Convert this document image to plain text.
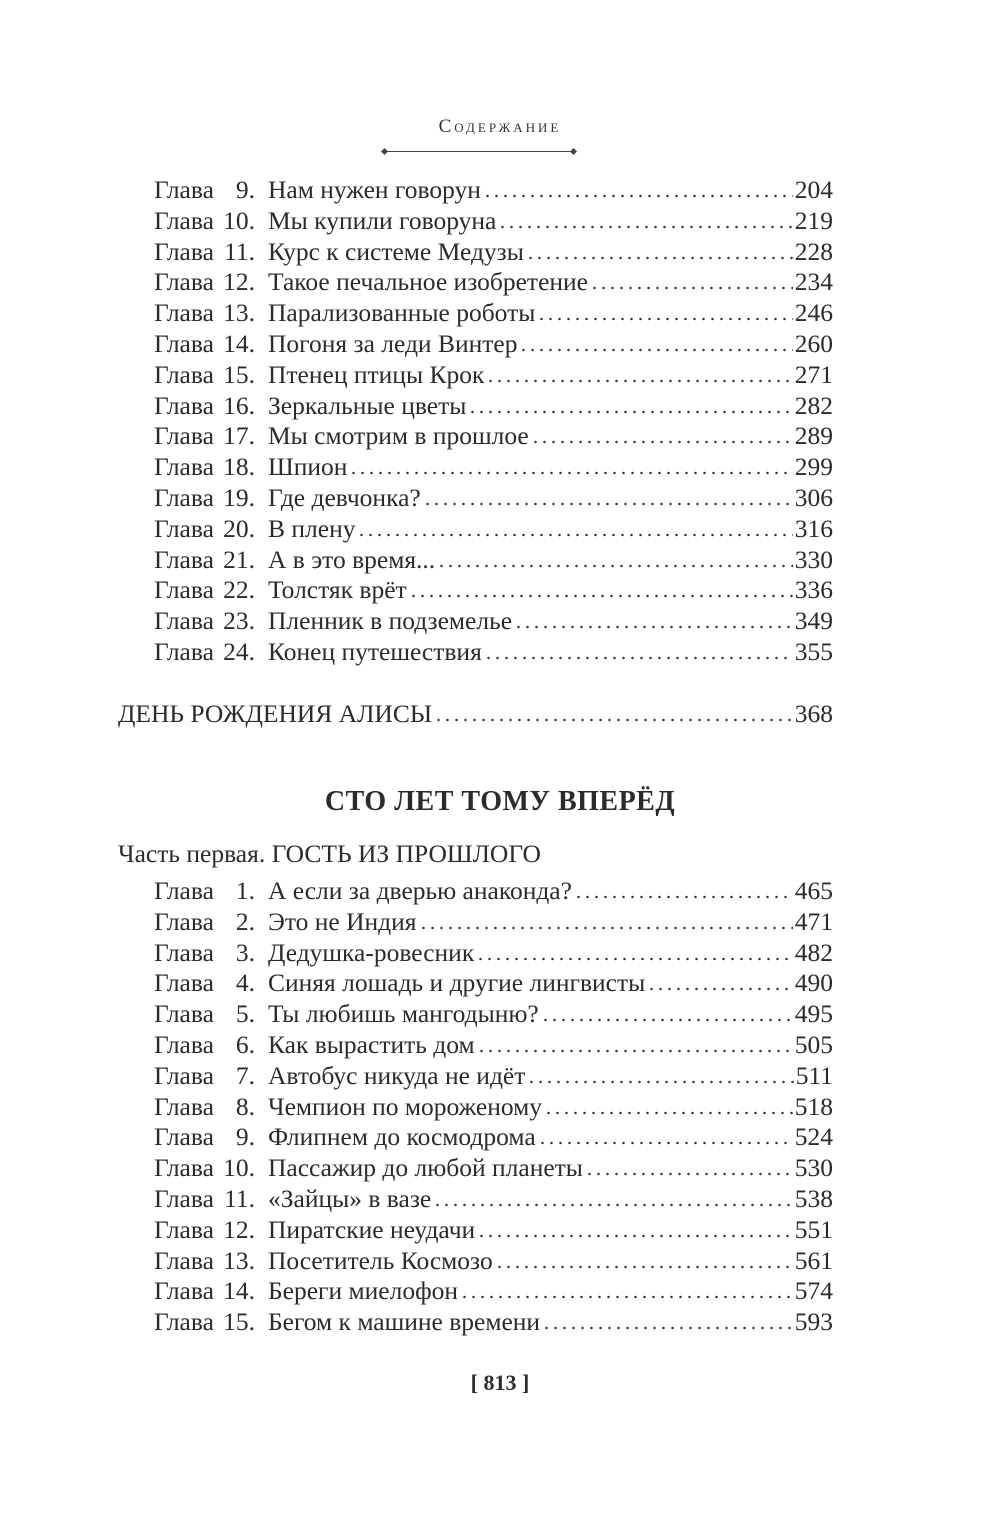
Содержание
Глава 9. Нам нужен говорун	204
Глава 10. Мы купили говоруна	219
Глава 11. Курс к системе Медузы	228
Глава 12. Такое печальное изобретение	234
Глава 13. Парализованные роботы	246
Глава 14. Погоня за леди Винтер	260
Глава 15. Птенец птицы Крок	271
Глава 16. Зеркальные цветы	282
Глава 17. Мы смотрим в прошлое	289
Глава 18. Шпион	299
Глава 19. Где девчонка?	306
Глава 20. В плену	316
Глава 21. А в это время...	330
Глава 22. Толстяк врёт	336
Глава 23. Пленник в подземелье	349
Глава 24. Конец путешествия	355
ДЕНЬ РОЖДЕНИЯ АЛИСЫ	368
СТО ЛЕТ ТОМУ ВПЕРЁД
Часть первая. ГОСТЬ ИЗ ПРОШЛОГО
Глава 1. А если за дверью анаконда?	465
Глава 2. Это не Индия	471
Глава 3. Дедушка-ровесник	482
Глава 4. Синяя лошадь и другие лингвисты	490
Глава 5. Ты любишь мангодыню?	495
Глава 6. Как вырастить дом	505
Глава 7. Автобус никуда не идёт	511
Глава 8. Чемпион по мороженому	518
Глава 9. Флипнем до космодрома	524
Глава 10. Пассажир до любой планеты	530
Глава 11. «Зайцы» в вазе	538
Глава 12. Пиратские неудачи	551
Глава 13. Посетитель Космозо	561
Глава 14. Береги миелофон	574
Глава 15. Бегом к машине времени	593
[ 813 ]
